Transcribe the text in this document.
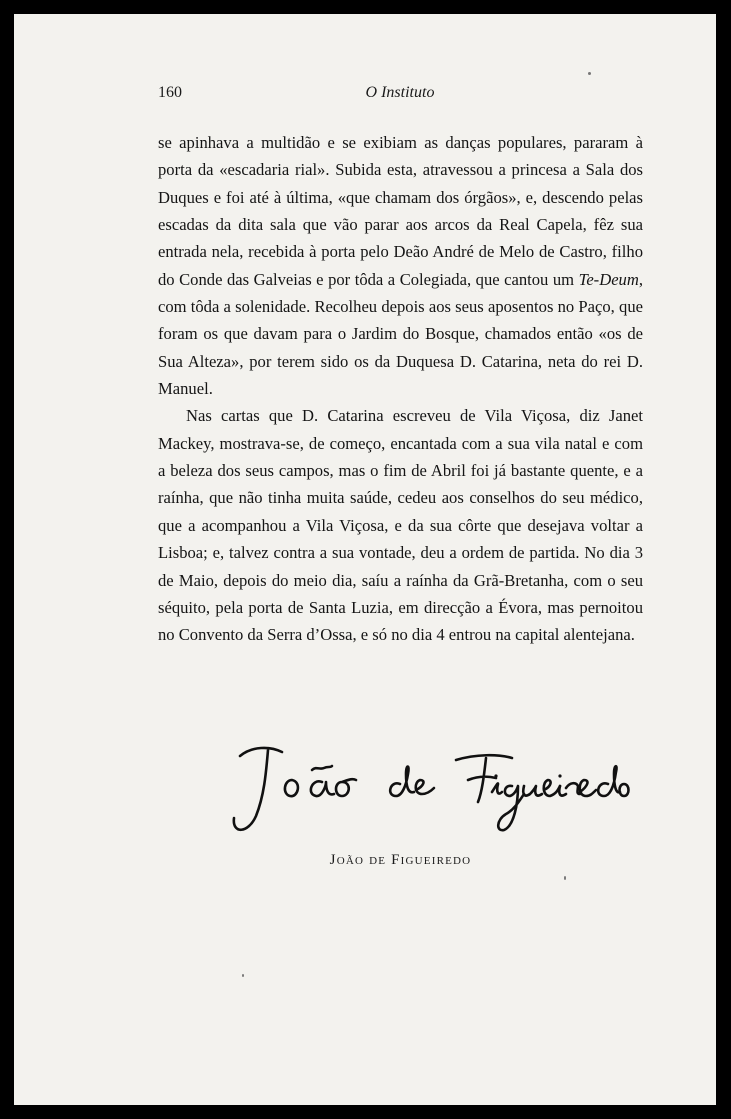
160	O Instituto

se apinhava a multidão e se exibiam as danças populares, pararam à porta da «escadaria rial». Subida esta, atravessou a princesa a Sala dos Duques e foi até à última, «que chamam dos órgãos», e, descendo pelas escadas da dita sala que vão parar aos arcos da Real Capela, fêz sua entrada nela, recebida à porta pelo Deão André de Melo de Castro, filho do Conde das Galveias e por tôda a Colegiada, que cantou um Te-Deum, com tôda a solenidade. Recolheu depois aos seus aposentos no Paço, que foram os que davam para o Jardim do Bosque, chamados então «os de Sua Alteza», por terem sido os da Duquesa D. Catarina, neta do rei D. Manuel.

Nas cartas que D. Catarina escreveu de Vila Viçosa, diz Janet Mackey, mostrava-se, de começo, encantada com a sua vila natal e com a beleza dos seus campos, mas o fim de Abril foi já bastante quente, e a raínha, que não tinha muita saúde, cedeu aos conselhos do seu médico, que a acompanhou a Vila Viçosa, e da sua côrte que desejava voltar a Lisboa; e, talvez contra a sua vontade, deu a ordem de partida. No dia 3 de Maio, depois do meio dia, saíu a raínha da Grã-Bretanha, com o seu séquito, pela porta de Santa Luzia, em direcção a Évora, mas pernoitou no Convento da Serra d’Ossa, e só no dia 4 entrou na capital alentejana.

João de Figueiredo
